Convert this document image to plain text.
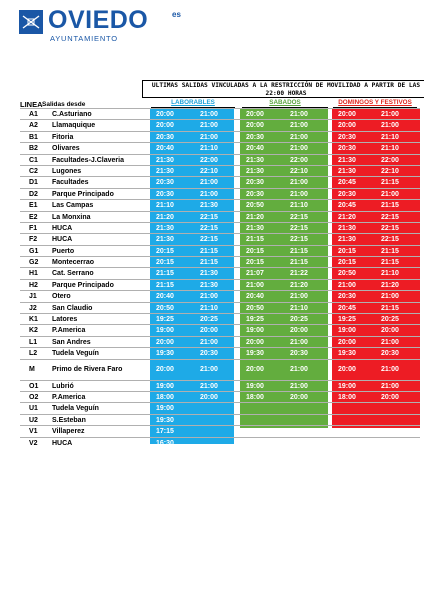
OVIEDO	es
AYUNTAMIENTO
ULTIMAS SALIDAS VINCULADAS A LA RESTRICCIÓN DE MOVILIDAD A PARTIR DE LAS 22:00 HORAS
LINEA Salidas desde	LABORABLES	SABADOS	DOMINGOS Y FESTIVOS
A1	C.Asturiano	20:00	21:00	20:00	21:00	20:00	21:00
A2	Llamaquique	20:00	21:00	20:00	21:00	20:00	21:00
B1	Fitoria	20:30	21:00	20:30	21:00	20:30	21:10
B2	Olivares	20:40	21:10	20:40	21:00	20:30	21:10
C1	Facultades-J.Claveria	21:30	22:00	21:30	22:00	21:30	22:00
C2	Lugones	21:30	22:10	21:30	22:10	21:30	22:10
D1	Facultades	20:30	21:00	20:30	21:00	20:45	21:15
D2	Parque Principado	20:30	21:00	20:30	21:00	20:30	21:00
E1	Las Campas	21:10	21:30	20:50	21:10	20:45	21:15
E2	La Monxina	21:20	22:15	21:20	22:15	21:20	22:15
F1	HUCA	21:30	22:15	21:30	22:15	21:30	22:15
F2	HUCA	21:30	22:15	21:15	22:15	21:30	22:15
G1	Puerto	20:15	21:15	20:15	21:15	20:15	21:15
G2	Montecerrao	20:15	21:15	20:15	21:15	20:15	21:15
H1	Cat. Serrano	21:15	21:30	21:07	21:22	20:50	21:10
H2	Parque Principado	21:15	21:30	21:00	21:20	21:00	21:20
J1	Otero	20:40	21:00	20:40	21:00	20:30	21:00
J2	San Claudio	20:50	21:10	20:50	21:10	20:45	21:15
K1	Latores	19:25	20:25	19:25	20:25	19:25	20:25
K2	P.America	19:00	20:00	19:00	20:00	19:00	20:00
L1	San Andres	20:00	21:00	20:00	21:00	20:00	21:00
L2	Tudela Veguín	19:30	20:30	19:30	20:30	19:30	20:30
M	Primo de Rivera Faro	20:00	21:00	20:00	21:00	20:00	21:00
O1	Lubrió	19:00	21:00	19:00	21:00	19:00	21:00
O2	P.America	18:00	20:00	18:00	20:00	18:00	20:00
U1	Tudela Veguín	19:00
U2	S.Esteban	19:30
V1	Villaperez	17:15
V2	HUCA	16:30
